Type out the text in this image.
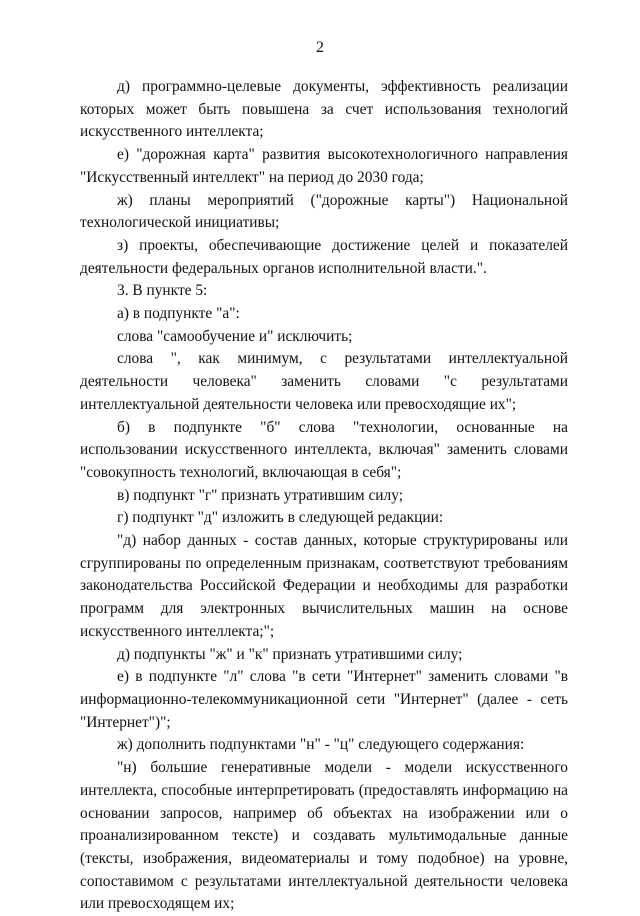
2

д) программно-целевые документы, эффективность реализации которых может быть повышена за счет использования технологий искусственного интеллекта;

е) "дорожная карта" развития высокотехнологичного направления "Искусственный интеллект" на период до 2030 года;

ж) планы мероприятий ("дорожные карты") Национальной технологической инициативы;

з) проекты, обеспечивающие достижение целей и показателей деятельности федеральных органов исполнительной власти.".

3. В пункте 5:

а) в подпункте "а":

слова "самообучение и" исключить;

слова ", как минимум, с результатами интеллектуальной деятельности человека" заменить словами "с результатами интеллектуальной деятельности человека или превосходящие их";

б) в подпункте "б" слова "технологии, основанные на использовании искусственного интеллекта, включая" заменить словами "совокупность технологий, включающая в себя";

в) подпункт "г" признать утратившим силу;

г) подпункт "д" изложить в следующей редакции:

"д) набор данных - состав данных, которые структурированы или сгруппированы по определенным признакам, соответствуют требованиям законодательства Российской Федерации и необходимы для разработки программ для электронных вычислительных машин на основе искусственного интеллекта;";

д) подпункты "ж" и "к" признать утратившими силу;

е) в подпункте "л" слова "в сети "Интернет" заменить словами "в информационно-телекоммуникационной сети "Интернет" (далее - сеть "Интернет")";

ж) дополнить подпунктами "н" - "ц" следующего содержания:

"н) большие генеративные модели - модели искусственного интеллекта, способные интерпретировать (предоставлять информацию на основании запросов, например об объектах на изображении или о проанализированном тексте) и создавать мультимодальные данные (тексты, изображения, видеоматериалы и тому подобное) на уровне, сопоставимом с результатами интеллектуальной деятельности человека или превосходящем их;
